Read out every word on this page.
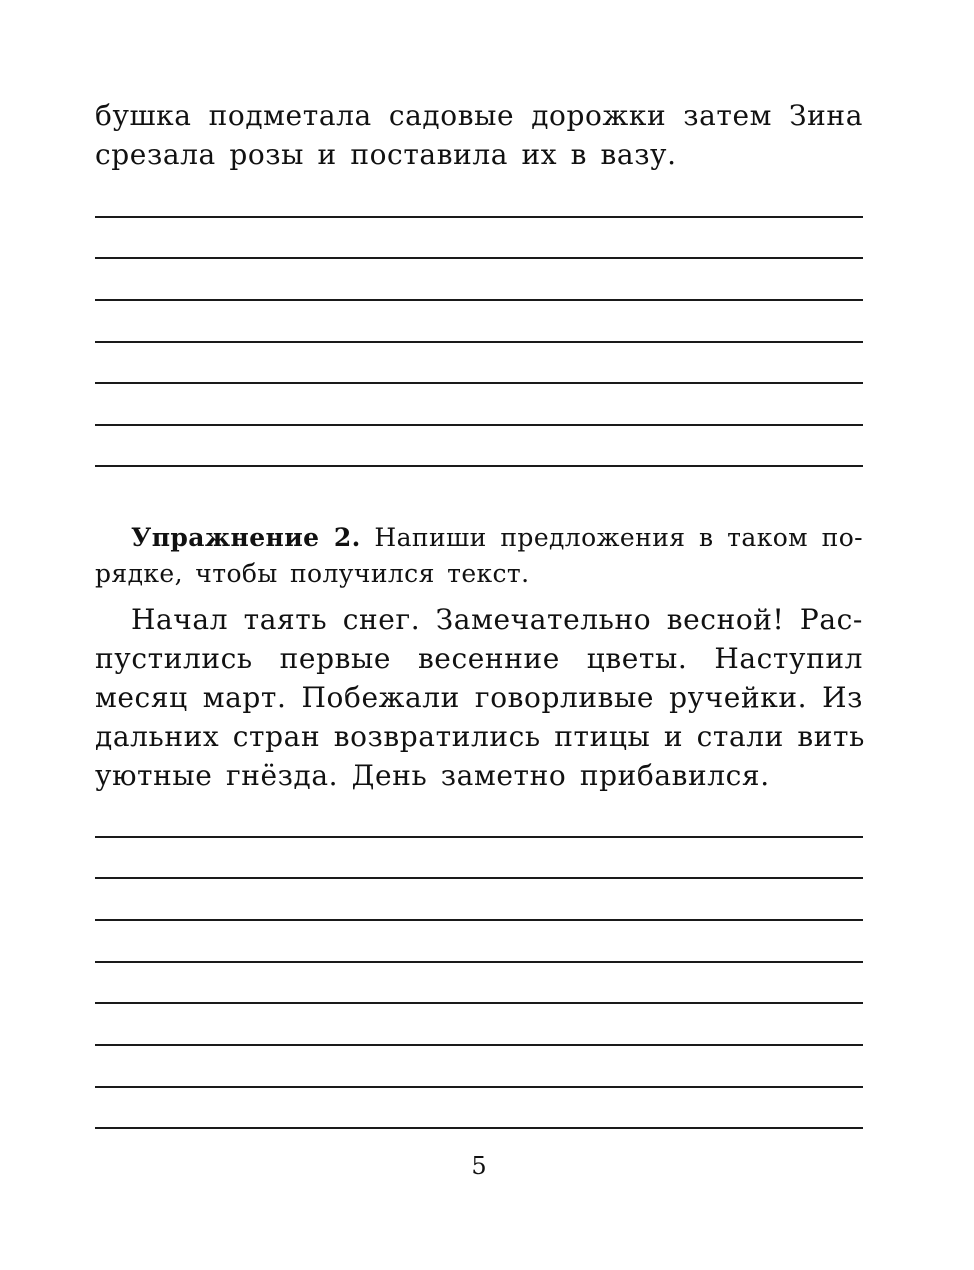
бушка подметала садовые дорожки затем Зина
срезала розы и поставила их в вазу.
Упражнение 2. Напиши предложения в таком по-
рядке, чтобы получился текст.
Начал таять снег. Замечательно весной! Рас-
пустились первые весенние цветы. Наступил
месяц март. Побежали говорливые ручейки. Из
дальних стран возвратились птицы и стали вить
уютные гнёзда. День заметно прибавился.
5
